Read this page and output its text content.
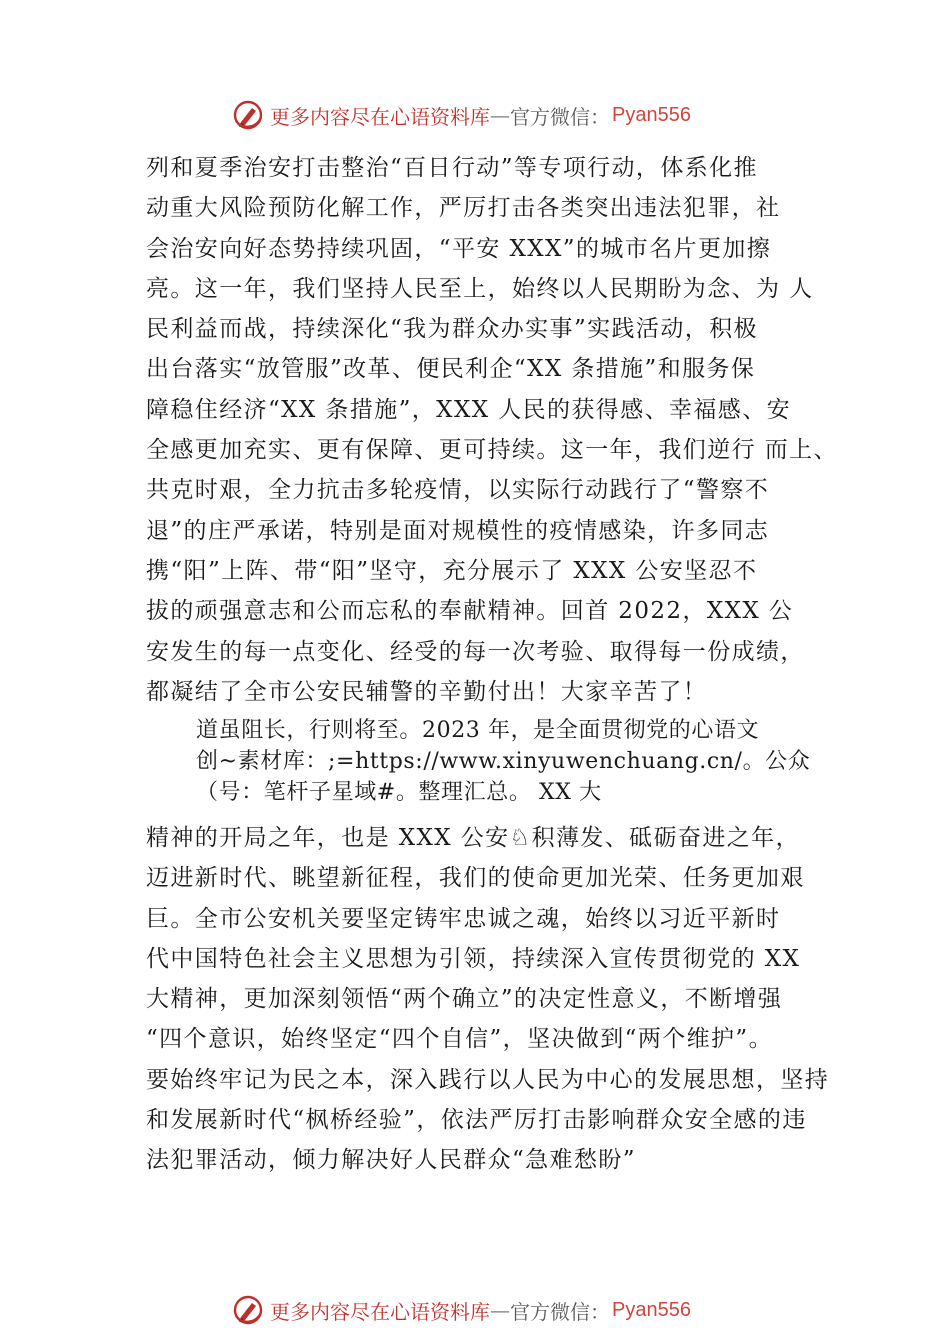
更多内容尽在心语资料库 — 官方微信： Pyan556
列和夏季治安打击整治“百日行动”等专项行动，体系化推
动重大风险预防化解工作，严厉打击各类突出违法犯罪，社
会治安向好态势持续巩固，“平安 XXX”的城市名片更加擦
亮。这一年，我们坚持人民至上，始终以人民期盼为念、为 人
民利益而战，持续深化“我为群众办实事”实践活动，积极
出台落实“放管服”改革、便民利企“XX 条措施”和服务保
障稳住经济“XX 条措施”，XXX 人民的获得感、幸福感、安
全感更加充实、更有保障、更可持续。这一年，我们逆行 而上、
共克时艰，全力抗击多轮疫情，以实际行动践行了“警察不
退”的庄严承诺，特别是面对规模性的疫情感染，许多同志
携“阳”上阵、带“阳”坚守，充分展示了 XXX 公安坚忍不
拔的顽强意志和公而忘私的奉献精神。回首 2022，XXX 公
安发生的每一点变化、经受的每一次考验、取得每一份成绩，
都凝结了全市公安民辅警的辛勤付出！大家辛苦了！
道虽阻长，行则将至。2023 年，是全面贯彻党的心语文
创~素材库：;=https://www.xinyuwenchuang.cn/。公众
（号：笔杆子星域#。整理汇总。 XX 大
精神的开局之年，也是 XXX 公安♘积薄发、砥砺奋进之年，
迈进新时代、眺望新征程，我们的使命更加光荣、任务更加艰
巨。全市公安机关要坚定铸牢忠诚之魂，始终以习近平新时
代中国特色社会主义思想为引领，持续深入宣传贯彻党的 XX
大精神，更加深刻领悟“两个确立”的决定性意义，不断增强
“四个意识，始终坚定“四个自信”，坚决做到“两个维护”。
要始终牢记为民之本，深入践行以人民为中心的发展思想，坚持
和发展新时代“枫桥经验”，依法严厉打击影响群众安全感的违
法犯罪活动，倾力解决好人民群众“急难愁盼”
更多内容尽在心语资料库 — 官方微信： Pyan556
